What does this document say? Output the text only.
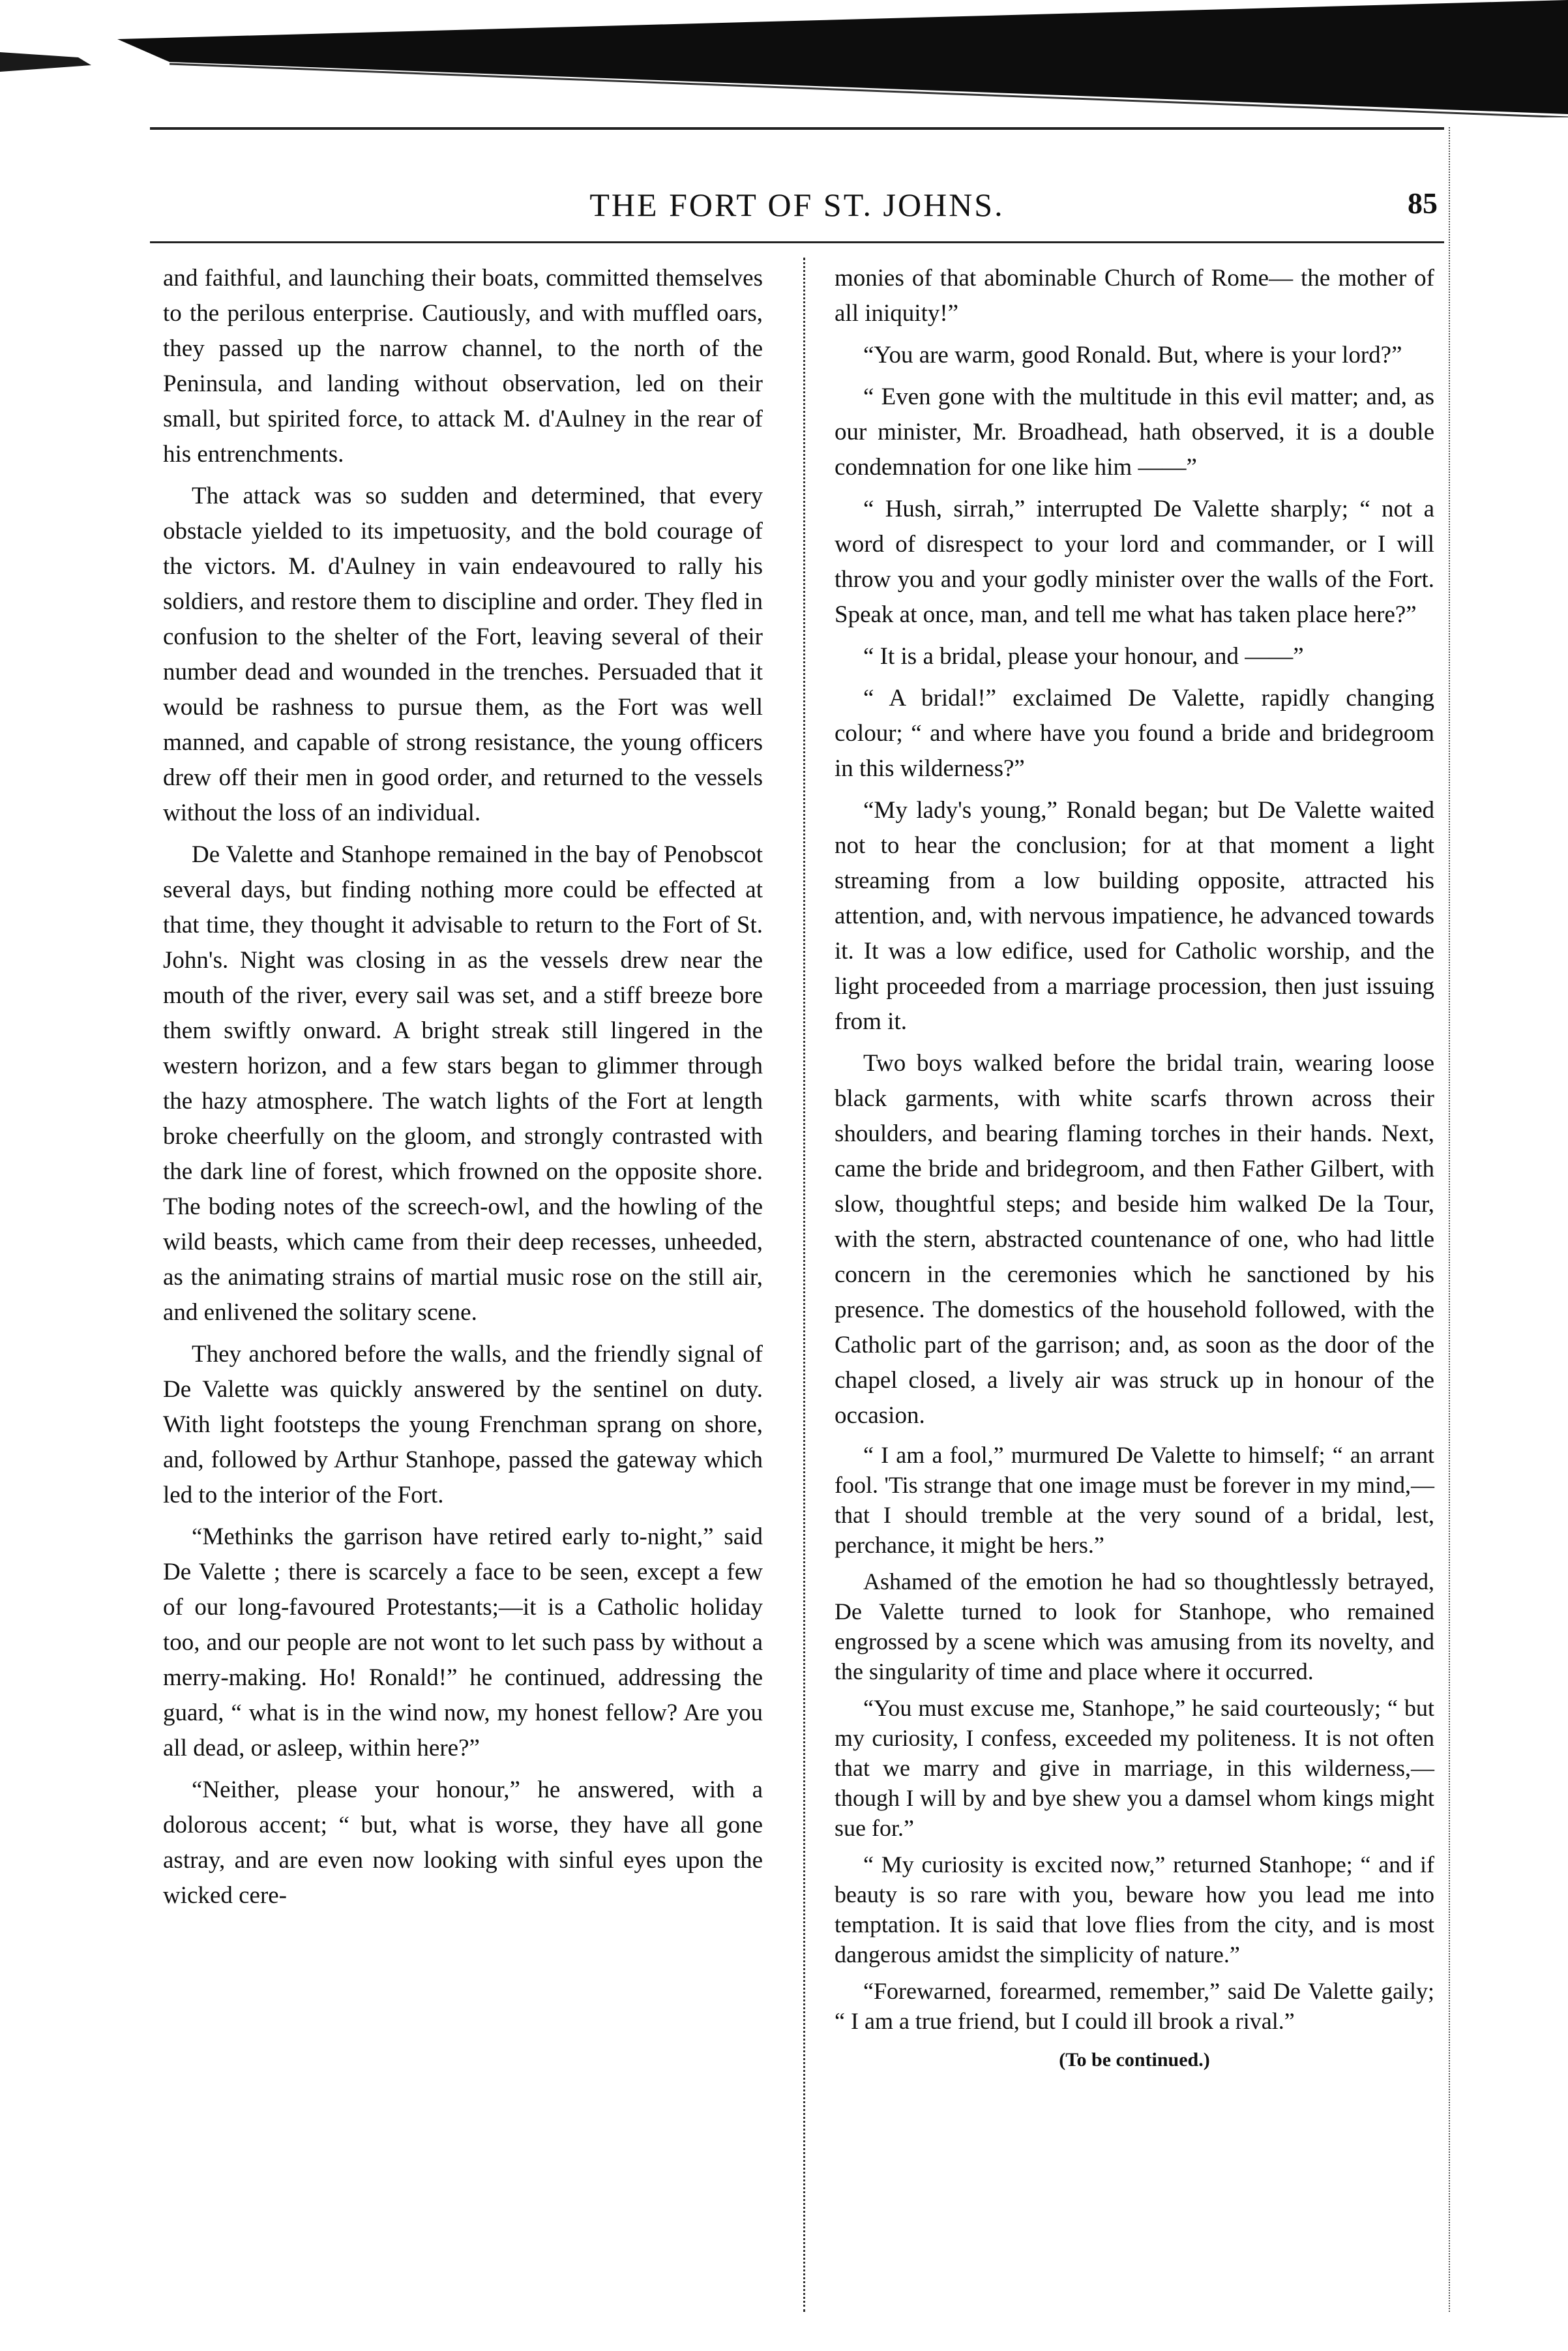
THE FORT OF ST. JOHNS.	85

and faithful, and launching their boats, committed themselves to the perilous enterprise. Cautiously, and with muffled oars, they passed up the narrow channel, to the north of the Peninsula, and landing without observation, led on their small, but spirited force, to attack M. d'Aulney in the rear of his entrenchments.

The attack was so sudden and determined, that every obstacle yielded to its impetuosity, and the bold courage of the victors. M. d'Aulney in vain endeavoured to rally his soldiers, and restore them to discipline and order. They fled in confusion to the shelter of the Fort, leaving several of their number dead and wounded in the trenches. Persuaded that it would be rashness to pursue them, as the Fort was well manned, and capable of strong resistance, the young officers drew off their men in good order, and returned to the vessels without the loss of an individual.

De Valette and Stanhope remained in the bay of Penobscot several days, but finding nothing more could be effected at that time, they thought it advisable to return to the Fort of St. John's. Night was closing in as the vessels drew near the mouth of the river, every sail was set, and a stiff breeze bore them swiftly onward. A bright streak still lingered in the western horizon, and a few stars began to glimmer through the hazy atmosphere. The watch lights of the Fort at length broke cheerfully on the gloom, and strongly contrasted with the dark line of forest, which frowned on the opposite shore. The boding notes of the screech-owl, and the howling of the wild beasts, which came from their deep recesses, unheeded, as the animating strains of martial music rose on the still air, and enlivened the solitary scene.

They anchored before the walls, and the friendly signal of De Valette was quickly answered by the sentinel on duty. With light footsteps the young Frenchman sprang on shore, and, followed by Arthur Stanhope, passed the gateway which led to the interior of the Fort.

“Methinks the garrison have retired early to-night,” said De Valette ; there is scarcely a face to be seen, except a few of our long-favoured Protestants;—it is a Catholic holiday too, and our people are not wont to let such pass by without a merry-making. Ho! Ronald!” he continued, addressing the guard, “ what is in the wind now, my honest fellow? Are you all dead, or asleep, within here?”

“Neither, please your honour,” he answered, with a dolorous accent; “ but, what is worse, they have all gone astray, and are even now looking with sinful eyes upon the wicked cere-

monies of that abominable Church of Rome— the mother of all iniquity!”

“You are warm, good Ronald. But, where is your lord?”

“ Even gone with the multitude in this evil matter; and, as our minister, Mr. Broadhead, hath observed, it is a double condemnation for one like him ——”

“ Hush, sirrah,” interrupted De Valette sharply; “ not a word of disrespect to your lord and commander, or I will throw you and your godly minister over the walls of the Fort. Speak at once, man, and tell me what has taken place here?”

“ It is a bridal, please your honour, and ——”

“ A bridal!” exclaimed De Valette, rapidly changing colour; “ and where have you found a bride and bridegroom in this wilderness?”

“My lady's young,” Ronald began; but De Valette waited not to hear the conclusion; for at that moment a light streaming from a low building opposite, attracted his attention, and, with nervous impatience, he advanced towards it. It was a low edifice, used for Catholic worship, and the light proceeded from a marriage procession, then just issuing from it.

Two boys walked before the bridal train, wearing loose black garments, with white scarfs thrown across their shoulders, and bearing flaming torches in their hands. Next, came the bride and bridegroom, and then Father Gilbert, with slow, thoughtful steps; and beside him walked De la Tour, with the stern, abstracted countenance of one, who had little concern in the ceremonies which he sanctioned by his presence. The domestics of the household followed, with the Catholic part of the garrison; and, as soon as the door of the chapel closed, a lively air was struck up in honour of the occasion.

“ I am a fool,” murmured De Valette to himself; “ an arrant fool. 'Tis strange that one image must be forever in my mind,—that I should tremble at the very sound of a bridal, lest, perchance, it might be hers.”

Ashamed of the emotion he had so thoughtlessly betrayed, De Valette turned to look for Stanhope, who remained engrossed by a scene which was amusing from its novelty, and the singularity of time and place where it occurred.

“You must excuse me, Stanhope,” he said courteously; “ but my curiosity, I confess, exceeded my politeness. It is not often that we marry and give in marriage, in this wilderness,— though I will by and bye shew you a damsel whom kings might sue for.”

“ My curiosity is excited now,” returned Stanhope; “ and if beauty is so rare with you, beware how you lead me into temptation. It is said that love flies from the city, and is most dangerous amidst the simplicity of nature.”

“Forewarned, forearmed, remember,” said De Valette gaily; “ I am a true friend, but I could ill brook a rival.”

(To be continued.)
